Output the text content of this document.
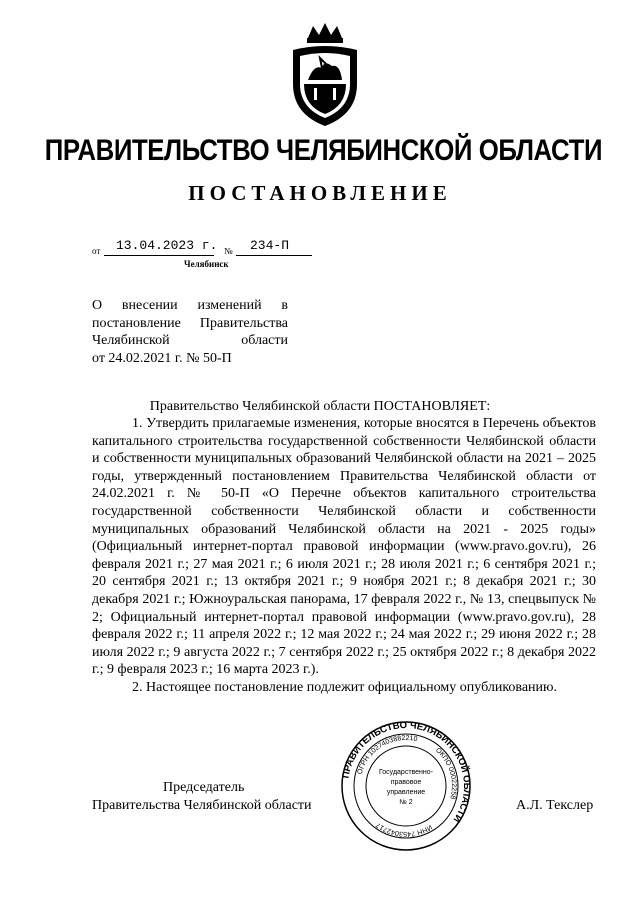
ПРАВИТЕЛЬСТВО ЧЕЛЯБИНСКОЙ ОБЛАСТИ
ПОСТАНОВЛЕНИЕ
от 13.04.2023 г. № 234-П
Челябинск
О внесении изменений в
постановление Правительства
Челябинской области
от 24.02.2021 г. № 50-П
Правительство Челябинской области ПОСТАНОВЛЯЕТ:

1. Утвердить прилагаемые изменения, которые вносятся в Перечень объектов капитального строительства государственной собственности Челябинской области и собственности муниципальных образований Челябинской области на 2021 – 2025 годы, утвержденный постановлением Правительства Челябинской области от 24.02.2021 г. № 50-П «О Перечне объектов капитального строительства государственной собственности Челябинской области и собственности муниципальных образований Челябинской области на 2021 - 2025 годы» (Официальный интернет-портал правовой информации (www.pravo.gov.ru), 26 февраля 2021 г.; 27 мая 2021 г.; 6 июля 2021 г.; 28 июля 2021 г.; 6 сентября 2021 г.; 20 сентября 2021 г.; 13 октября 2021 г.; 9 ноября 2021 г.; 8 декабря 2021 г.; 30 декабря 2021 г.; Южноуральская панорама, 17 февраля 2022 г., № 13, спецвыпуск № 2; Официальный интернет-портал правовой информации (www.pravo.gov.ru), 28 февраля 2022 г.; 11 апреля 2022 г.; 12 мая 2022 г.; 24 мая 2022 г.; 29 июня 2022 г.; 28 июля 2022 г.; 9 августа 2022 г.; 7 сентября 2022 г.; 25 октября 2022 г.; 8 декабря 2022 г.; 9 февраля 2023 г.; 16 марта 2023 г.).

2. Настоящее постановление подлежит официальному опубликованию.

Председатель
Правительства Челябинской области	А.Л. Текслер
ПРАВИТЕЛЬСТВО ЧЕЛЯБИНСКОЙ ОБЛАСТИ
ОГРН 1027403882210
ОКПО 00022258
ИНН 7453042717
Государственно-
правовое
управление
№ 2
